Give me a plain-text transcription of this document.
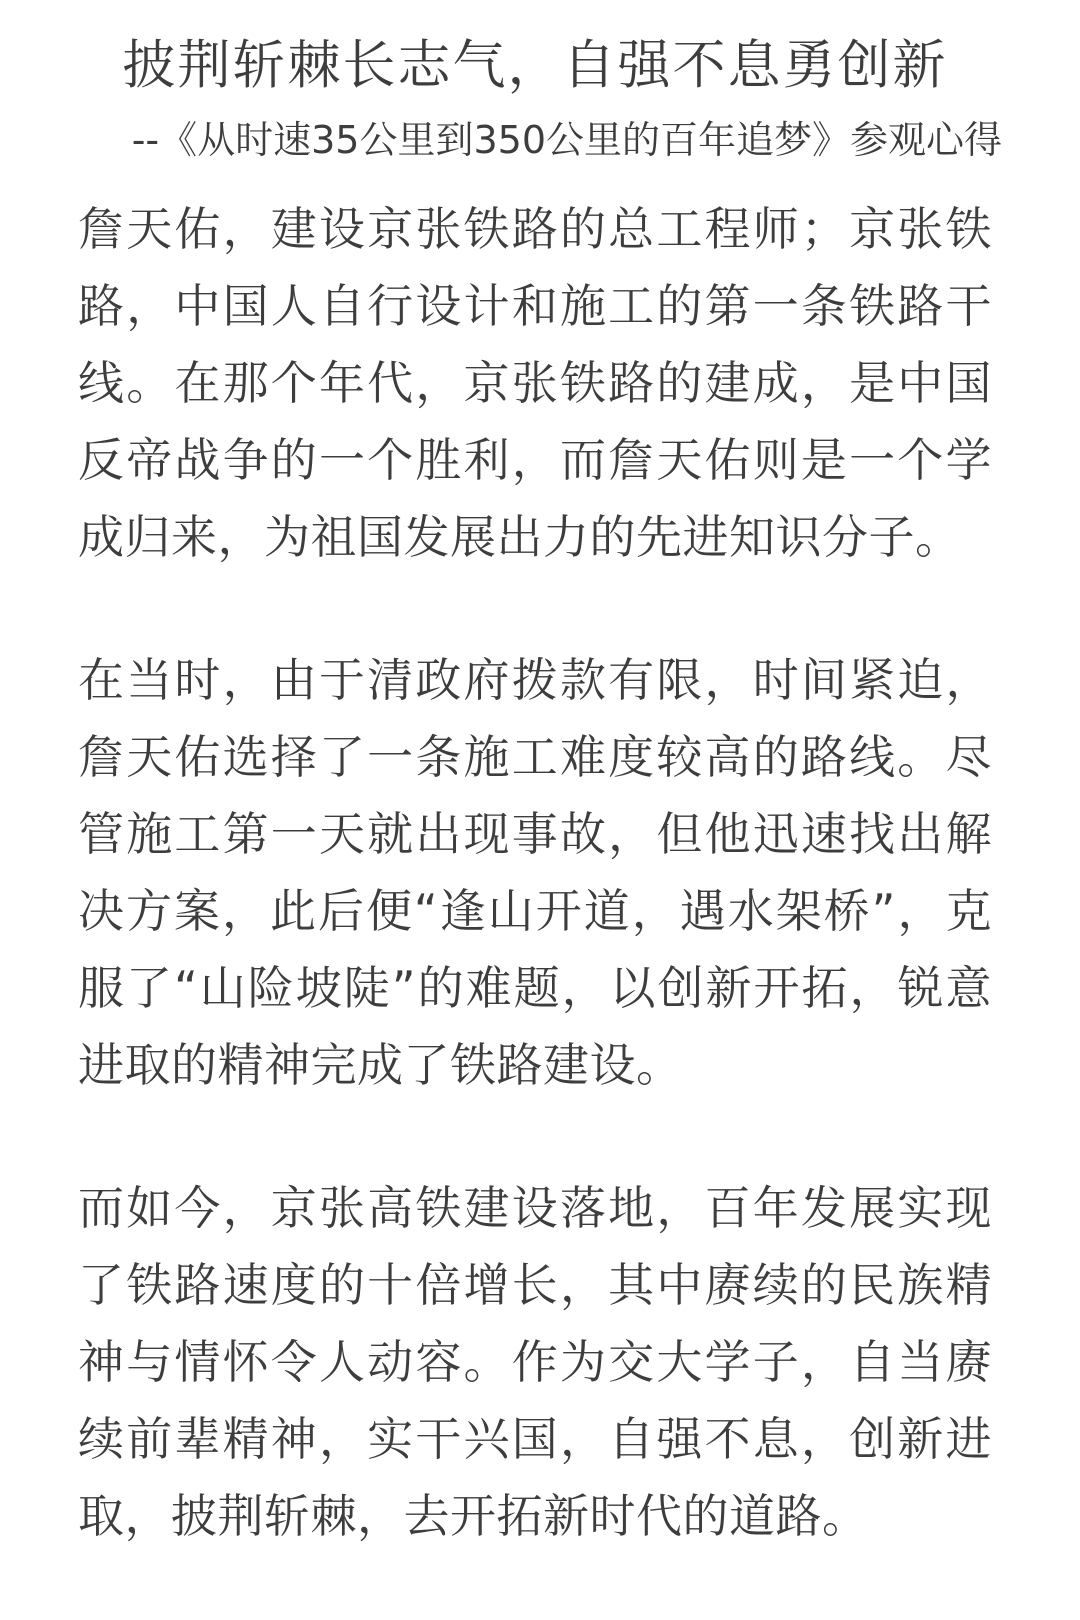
披荆斩棘长志气，自强不息勇创新
--《从时速35公里到350公里的百年追梦》参观心得

詹天佑，建设京张铁路的总工程师；京张铁路，中国人自行设计和施工的第一条铁路干线。在那个年代，京张铁路的建成，是中国反帝战争的一个胜利，而詹天佑则是一个学成归来，为祖国发展出力的先进知识分子。

在当时，由于清政府拨款有限，时间紧迫，詹天佑选择了一条施工难度较高的路线。尽管施工第一天就出现事故，但他迅速找出解决方案，此后便“逢山开道，遇水架桥”，克服了“山险坡陡”的难题，以创新开拓，锐意进取的精神完成了铁路建设。

而如今，京张高铁建设落地，百年发展实现了铁路速度的十倍增长，其中赓续的民族精神与情怀令人动容。作为交大学子，自当赓续前辈精神，实干兴国，自强不息，创新进取，披荆斩棘，去开拓新时代的道路。
